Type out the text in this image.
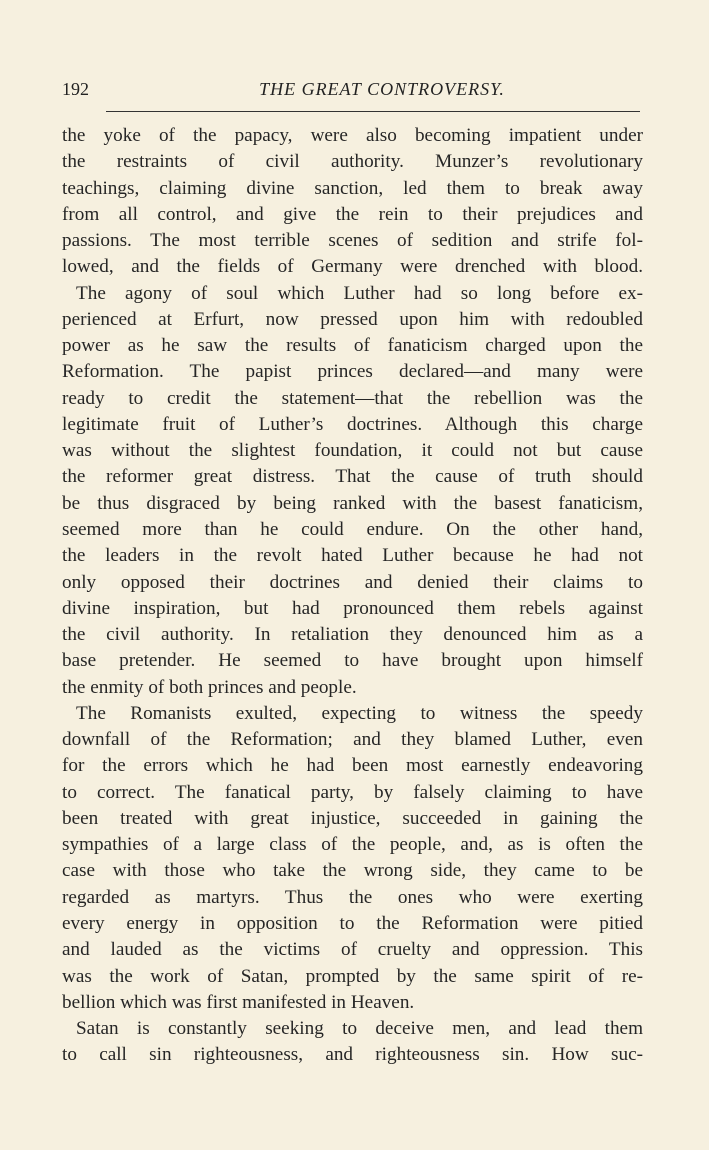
192	THE GREAT CONTROVERSY.
the yoke of the papacy, were also becoming impatient under
the restraints of civil authority. Munzer’s revolutionary
teachings, claiming divine sanction, led them to break away
from all control, and give the rein to their prejudices and
passions. The most terrible scenes of sedition and strife fol-
lowed, and the fields of Germany were drenched with blood.
The agony of soul which Luther had so long before ex-
perienced at Erfurt, now pressed upon him with redoubled
power as he saw the results of fanaticism charged upon the
Reformation. The papist princes declared—and many were
ready to credit the statement—that the rebellion was the
legitimate fruit of Luther’s doctrines. Although this charge
was without the slightest foundation, it could not but cause
the reformer great distress. That the cause of truth should
be thus disgraced by being ranked with the basest fanaticism,
seemed more than he could endure. On the other hand,
the leaders in the revolt hated Luther because he had not
only opposed their doctrines and denied their claims to
divine inspiration, but had pronounced them rebels against
the civil authority. In retaliation they denounced him as a
base pretender. He seemed to have brought upon himself
the enmity of both princes and people.
The Romanists exulted, expecting to witness the speedy
downfall of the Reformation; and they blamed Luther, even
for the errors which he had been most earnestly endeavoring
to correct. The fanatical party, by falsely claiming to have
been treated with great injustice, succeeded in gaining the
sympathies of a large class of the people, and, as is often the
case with those who take the wrong side, they came to be
regarded as martyrs. Thus the ones who were exerting
every energy in opposition to the Reformation were pitied
and lauded as the victims of cruelty and oppression. This
was the work of Satan, prompted by the same spirit of re-
bellion which was first manifested in Heaven.
Satan is constantly seeking to deceive men, and lead them
to call sin righteousness, and righteousness sin. How suc-
